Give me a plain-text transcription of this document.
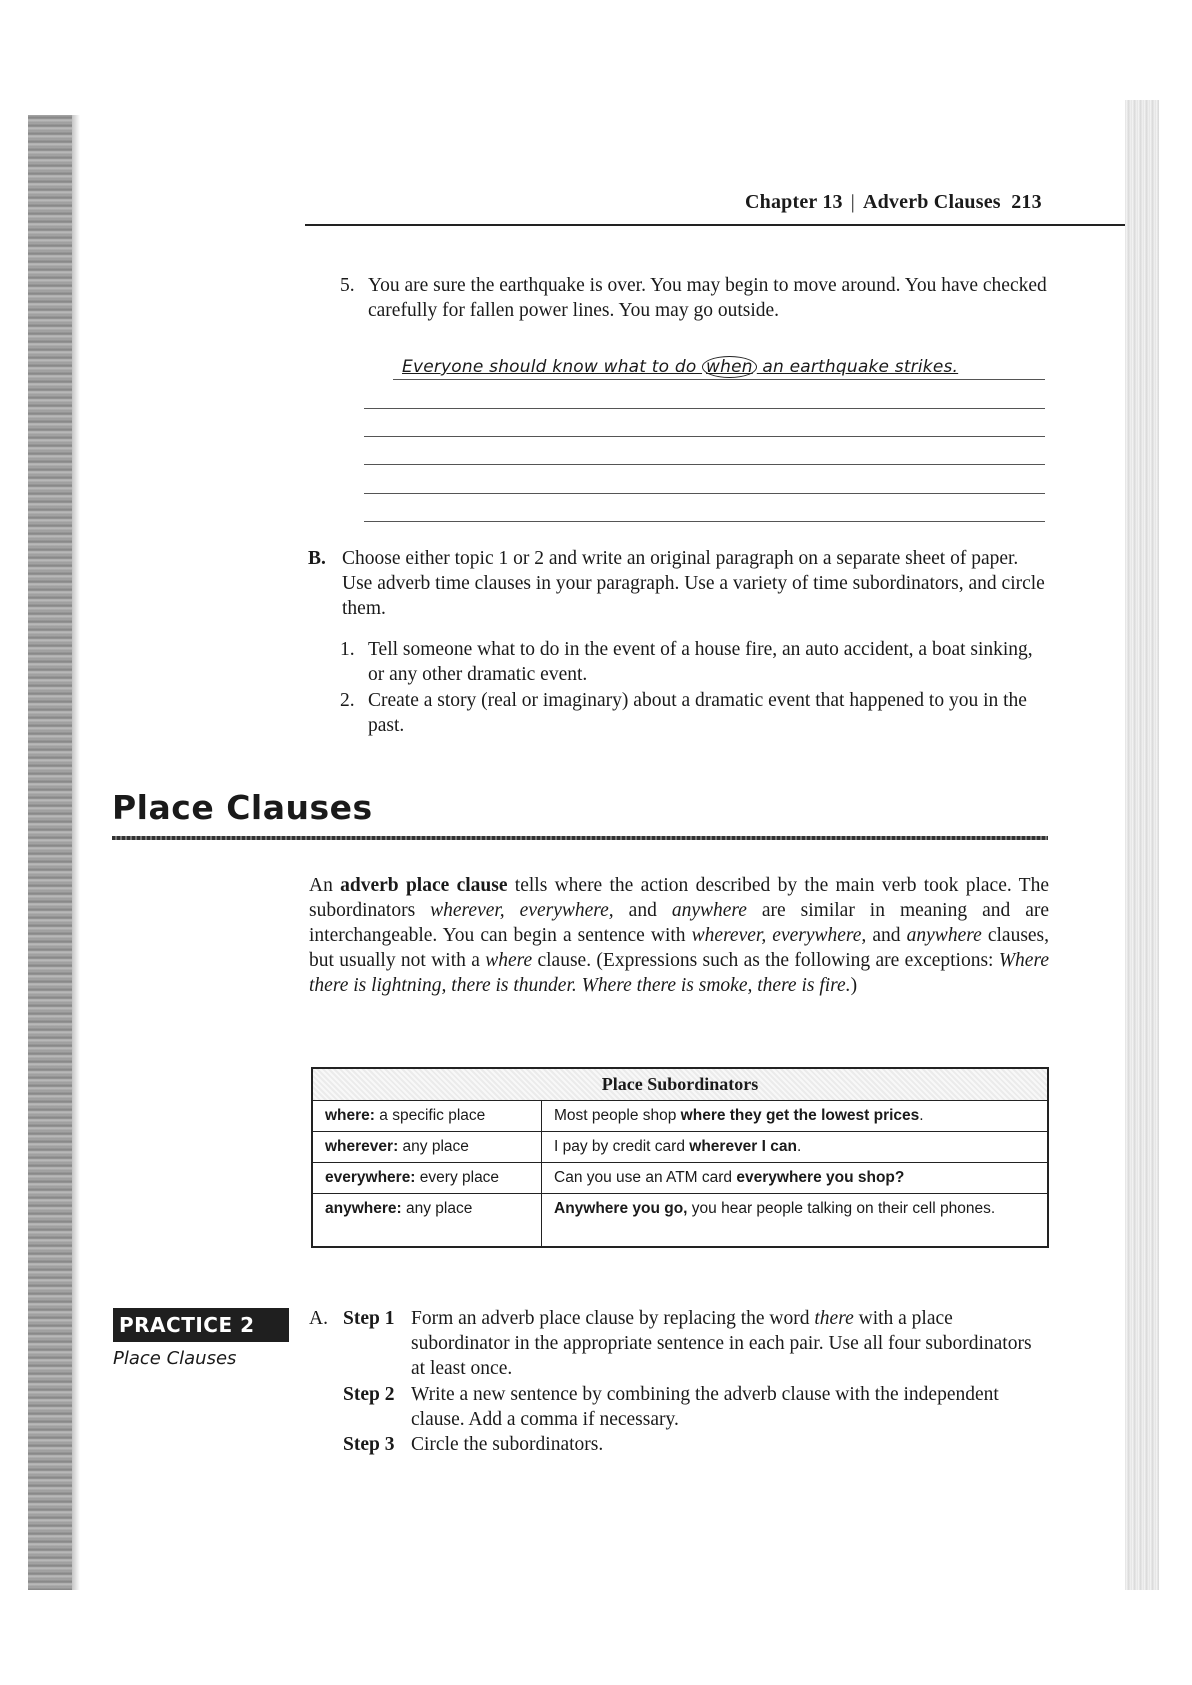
Chapter 13 | Adverb Clauses 213
5. You are sure the earthquake is over. You may begin to move around. You have checked carefully for fallen power lines. You may go outside.
Everyone should know what to do when an earthquake strikes.
B. Choose either topic 1 or 2 and write an original paragraph on a separate sheet of paper. Use adverb time clauses in your paragraph. Use a variety of time subordinators, and circle them.
1. Tell someone what to do in the event of a house fire, an auto accident, a boat sinking, or any other dramatic event.
2. Create a story (real or imaginary) about a dramatic event that happened to you in the past.
Place Clauses
An adverb place clause tells where the action described by the main verb took place. The subordinators wherever, everywhere, and anywhere are similar in meaning and are interchangeable. You can begin a sentence with wherever, everywhere, and anywhere clauses, but usually not with a where clause. (Expressions such as the following are exceptions: Where there is lightning, there is thunder. Where there is smoke, there is fire.)
Place Subordinators	
where: a specific place	Most people shop where they get the lowest prices.
wherever: any place	I pay by credit card wherever I can.
everywhere: every place	Can you use an ATM card everywhere you shop?
anywhere: any place	Anywhere you go, you hear people talking on their cell phones.
PRACTICE 2
Place Clauses
A. Step 1 Form an adverb place clause by replacing the word there with a place subordinator in the appropriate sentence in each pair. Use all four subordinators at least once.
Step 2 Write a new sentence by combining the adverb clause with the independent clause. Add a comma if necessary.
Step 3 Circle the subordinators.
